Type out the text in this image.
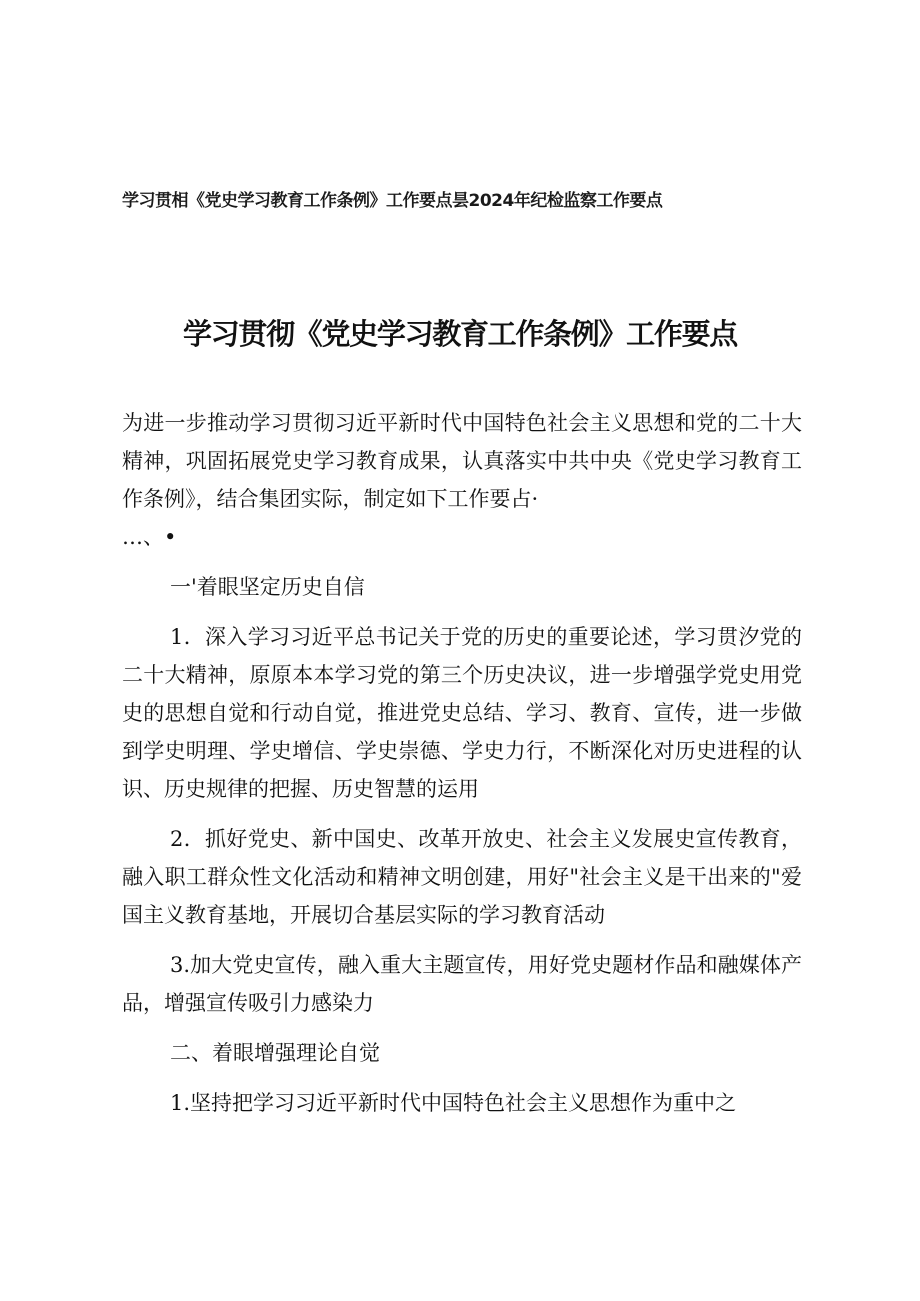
学习贯相《党史学习教育工作条例》工作要点昙2024年纪检监察工作要点
学习贯彻《党史学习教育工作条例》工作要点

为进一步推动学习贯彻习近平新时代中国特色社会主义思想和党的二十大精神，巩固拓展党史学习教育成果，认真落实中共中央《党史学习教育工作条例》，结合集团实际，制定如下工作要占·

…、•

一'着眼坚定历史自信

1．深入学习习近平总书记关于党的历史的重要论述，学习贯汐党的二十大精神，原原本本学习党的第三个历史决议，进一步增强学党史用党史的思想自觉和行动自觉，推进党史总结、学习、教育、宣传，进一步做到学史明理、学史增信、学史崇德、学史力行，不断深化对历史进程的认识、历史规律的把握、历史智慧的运用

2．抓好党史、新中国史、改革开放史、社会主义发展史宣传教育，融入职工群众性文化活动和精神文明创建，用好"社会主义是干出来的"爱国主义教育基地，开展切合基层实际的学习教育活动

3.加大党史宣传，融入重大主题宣传，用好党史题材作品和融媒体产品，增强宣传吸引力感染力

二、着眼增强理论自觉

1.坚持把学习习近平新时代中国特色社会主义思想作为重中之
